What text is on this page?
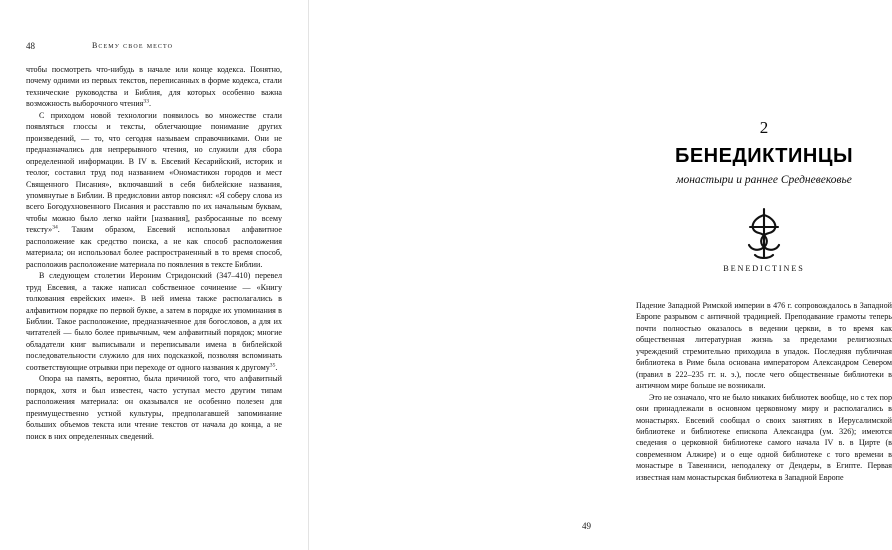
48	Всему свое место

чтобы посмотреть что-нибудь в начале или конце кодекса. Понятно, почему одними из первых текстов, переписанных в форме кодекса, стали технические руководства и Библия, для которых особенно важна возможность выборочного чтения$^{33}$.

С приходом новой технологии появилось во множестве стали появляться глоссы и тексты, облегчающие понимание других произведений, — то, что сегодня называем справочниками. Они не предназначались для непрерывного чтения, но служили для сбора определенной информации. В IV в. Евсевий Кесарийский, историк и теолог, составил труд под названием «Ономастикон городов и мест Священного Писания», включавший в себя библейские названия, упомянутые в Библии. В предисловии автор пояснял: «Я соберу слова из всего Богодухновенного Писания и расставлю по их начальным буквам, чтобы можно было легко найти [названия], разбросанные по всему тексту»$^{34}$. Таким образом, Евсевий использовал алфавитное расположение как средство поиска, а не как способ расположения материала; он использовал более распространенный в то время способ, расположив расположение материала по появления в тексте Библии.

В следующем столетии Иероним Стридонский (347–410) перевел труд Евсевия, а также написал собственное сочинение — «Книгу толкования еврейских имен». В ней имена также располагались в алфавитном порядке по первой букве, а затем в порядке их упоминания в Библии. Такое расположение, предназначенное для богословов, а для их читателей — было более привычным, чем алфавитный порядок; многие обладатели книг выписывали и переписывали имена в библейской последовательности служило для них подсказкой, позволяя вспоминать соответствующие отрывки при переходе от одного названия к другому$^{35}$.

Опора на память, вероятно, была причиной того, что алфавитный порядок, хотя и был известен, часто уступал место другим типам расположения материала: он оказывался не особенно полезен для преимущественно устной культуры, предполагавшей запоминание больших объемов текста или чтение текстов от начала до конца, а не поиск в них определенных сведений.

2
БЕНЕДИКТИНЦЫ
монастыри и раннее Средневековье
BENEDICTINES

Падение Западной Римской империи в 476 г. сопровождалось в Западной Европе разрывом с античной традицией. Преподавание грамоты теперь почти полностью оказалось в ведении церкви, в то время как общественная литературная жизнь за пределами религиозных учреждений стремительно приходила в упадок. Последняя публичная библиотека в Риме была основана императором Александром Севером (правил в 222–235 гг. н. э.), после чего общественные библиотеки в античном мире больше не возникали.

Это не означало, что не было никаких библиотек вообще, но с тех пор они принадлежали в основном церковному миру и располагались в монастырях. Евсевий сообщал о своих занятиях в Иерусалимской библиотеке и библиотеке епископа Александра (ум. 326); имеются сведения о церковной библиотеке самого начала IV в. в Цирте (в современном Алжире) и о еще одной библиотеке с того времени в монастыре в Тавенниси, неподалеку от Дендеры, в Египте. Первая известная нам монастырская библиотека в Западной Европе

49
